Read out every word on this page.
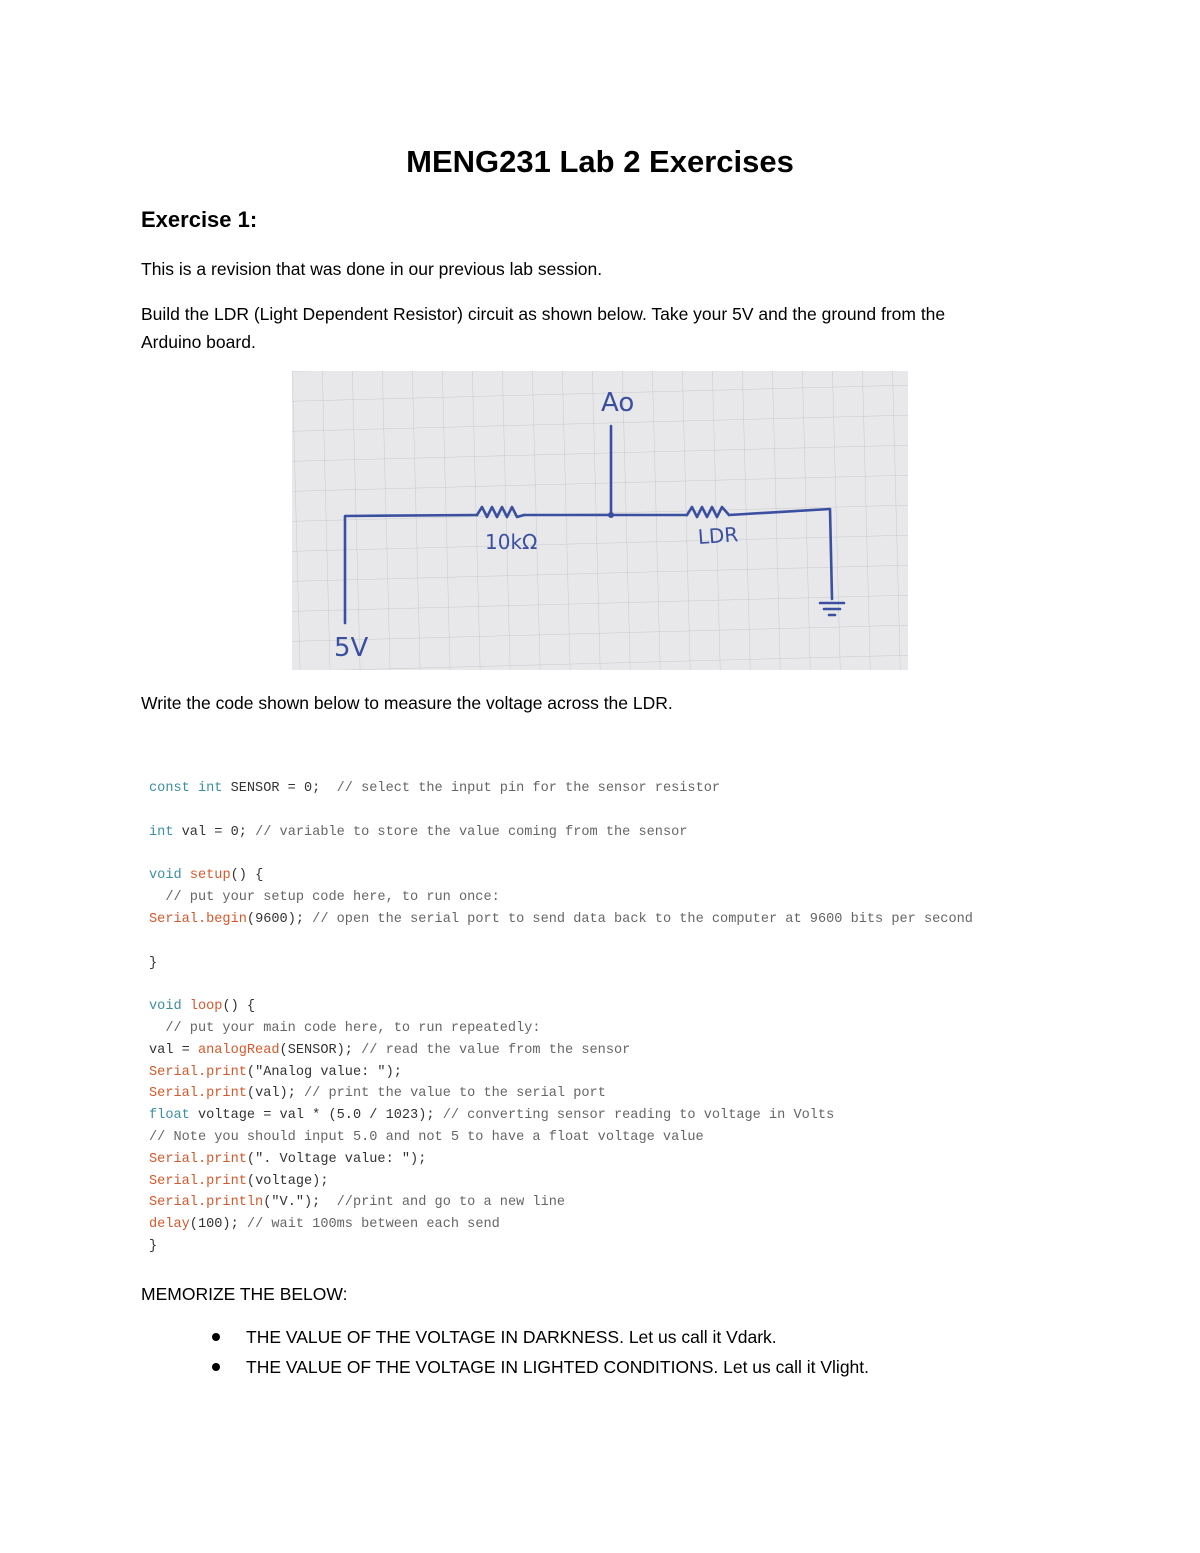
MENG231 Lab 2 Exercises
Exercise 1:
This is a revision that was done in our previous lab session.
Build the LDR (Light Dependent Resistor) circuit as shown below. Take your 5V and the ground from the
Arduino board.
Ao
10kΩ	LDR
5V
Write the code shown below to measure the voltage across the LDR.
const int SENSOR = 0;  // select the input pin for the sensor resistor
int val = 0; // variable to store the value coming from the sensor
void setup() {
// put your setup code here, to run once:
Serial.begin(9600); // open the serial port to send data back to the computer at 9600 bits per second
}
void loop() {
// put your main code here, to run repeatedly:
val = analogRead(SENSOR); // read the value from the sensor
Serial.print("Analog value: ");
Serial.print(val); // print the value to the serial port
float voltage = val * (5.0 / 1023); // converting sensor reading to voltage in Volts
// Note you should input 5.0 and not 5 to have a float voltage value
Serial.print(". Voltage value: ");
Serial.print(voltage);
Serial.println("V.");  //print and go to a new line
delay(100); // wait 100ms between each send
}
MEMORIZE THE BELOW:
THE VALUE OF THE VOLTAGE IN DARKNESS. Let us call it Vdark.
THE VALUE OF THE VOLTAGE IN LIGHTED CONDITIONS. Let us call it Vlight.
